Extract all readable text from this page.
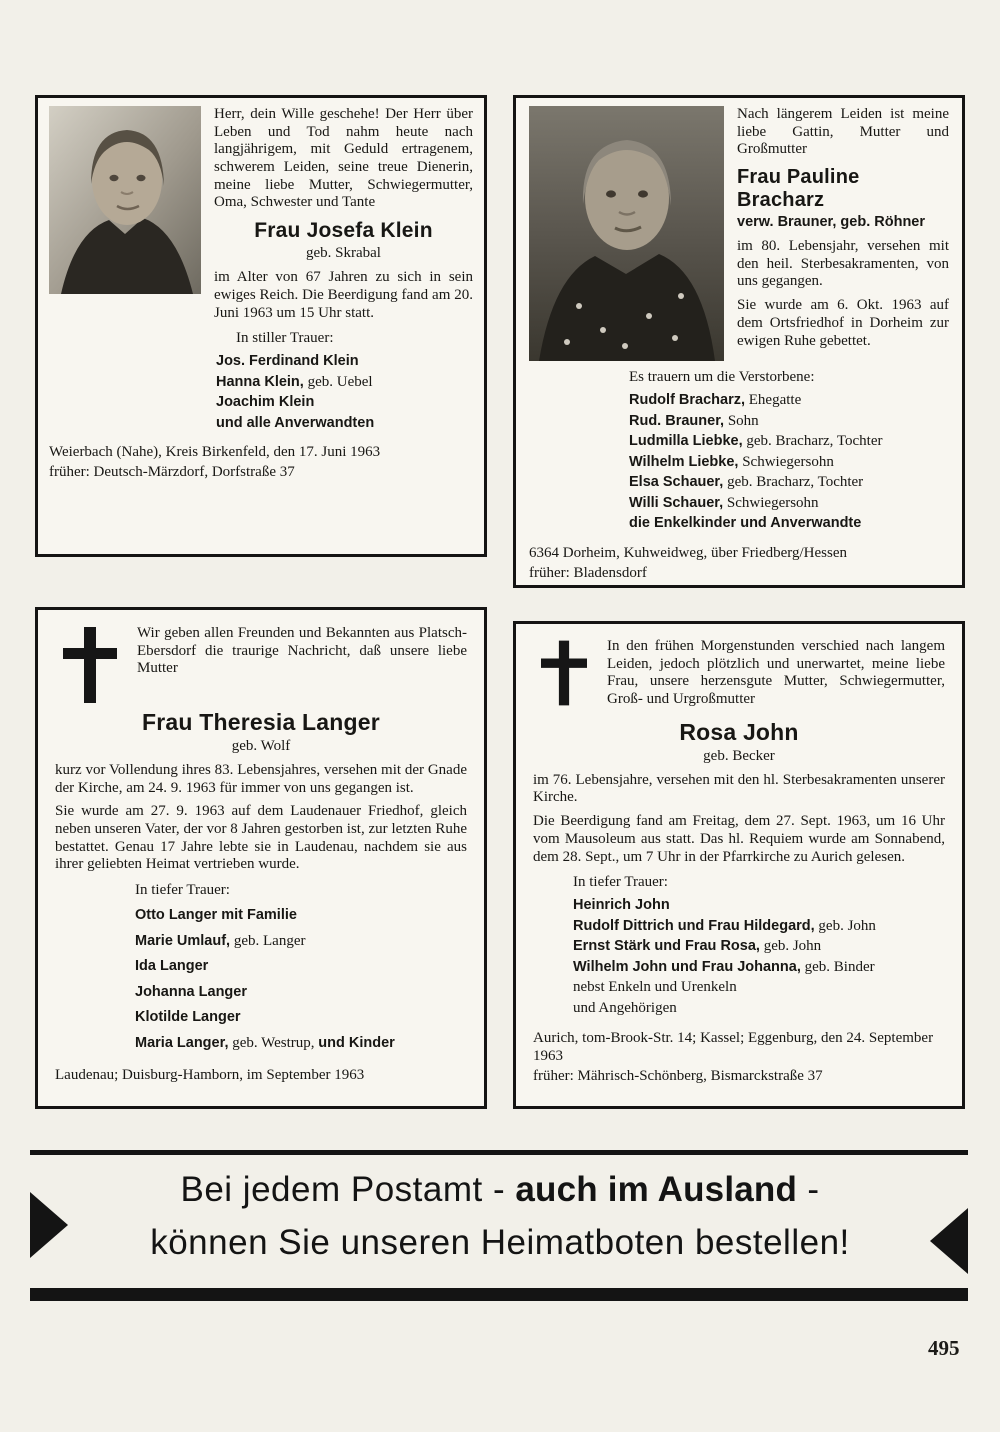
Herr, dein Wille geschehe! Der Herr über Leben und Tod nahm heute nach langjährigem, mit Geduld ertragenem, schwerem Leiden, seine treue Dienerin, meine liebe Mutter, Schwiegermutter, Oma, Schwester und Tante

Frau Josefa Klein
geb. Skrabal

im Alter von 67 Jahren zu sich in sein ewiges Reich. Die Beerdigung fand am 20. Juni 1963 um 15 Uhr statt.

In stiller Trauer:
Jos. Ferdinand Klein
Hanna Klein, geb. Uebel
Joachim Klein
und alle Anverwandten

Weierbach (Nahe), Kreis Birkenfeld, den 17. Juni 1963

früher: Deutsch-Märzdorf, Dorfstraße 37

Nach längerem Leiden ist meine liebe Gattin, Mutter und Großmutter

Frau Pauline Bracharz
verw. Brauner, geb. Röhner

im 80. Lebensjahr, versehen mit den heil. Sterbesakramenten, von uns gegangen.

Sie wurde am 6. Okt. 1963 auf dem Ortsfriedhof in Dorheim zur ewigen Ruhe gebettet.

Es trauern um die Verstorbene:
Rudolf Bracharz, Ehegatte
Rud. Brauner, Sohn
Ludmilla Liebke, geb. Bracharz, Tochter
Wilhelm Liebke, Schwiegersohn
Elsa Schauer, geb. Bracharz, Tochter
Willi Schauer, Schwiegersohn
die Enkelkinder und Anverwandte

6364 Dorheim, Kuhweidweg, über Friedberg/Hessen

früher: Bladensdorf

Wir geben allen Freunden und Bekannten aus Platsch-Ebersdorf die traurige Nachricht, daß unsere liebe Mutter

Frau Theresia Langer
geb. Wolf

kurz vor Vollendung ihres 83. Lebensjahres, versehen mit der Gnade der Kirche, am 24. 9. 1963 für immer von uns gegangen ist.

Sie wurde am 27. 9. 1963 auf dem Laudenauer Friedhof, gleich neben unseren Vater, der vor 8 Jahren gestorben ist, zur letzten Ruhe bestattet. Genau 17 Jahre lebte sie in Laudenau, nachdem sie aus ihrer geliebten Heimat vertrieben wurde.

In tiefer Trauer:
Otto Langer mit Familie
Marie Umlauf, geb. Langer
Ida Langer
Johanna Langer
Klotilde Langer
Maria Langer, geb. Westrup, und Kinder

Laudenau; Duisburg-Hamborn, im September 1963

In den frühen Morgenstunden verschied nach langem Leiden, jedoch plötzlich und unerwartet, meine liebe Frau, unsere herzensgute Mutter, Schwiegermutter, Groß- und Urgroßmutter

Rosa John
geb. Becker

im 76. Lebensjahre, versehen mit den hl. Sterbesakramenten unserer Kirche.

Die Beerdigung fand am Freitag, dem 27. Sept. 1963, um 16 Uhr vom Mausoleum aus statt. Das hl. Requiem wurde am Sonnabend, dem 28. Sept., um 7 Uhr in der Pfarrkirche zu Aurich gelesen.

In tiefer Trauer:
Heinrich John
Rudolf Dittrich und Frau Hildegard, geb. John
Ernst Stärk und Frau Rosa, geb. John
Wilhelm John und Frau Johanna, geb. Binder
nebst Enkeln und Urenkeln
und Angehörigen

Aurich, tom-Brook-Str. 14; Kassel; Eggenburg, den 24. September 1963

früher: Mährisch-Schönberg, Bismarckstraße 37

Bei jedem Postamt - auch im Ausland -
können Sie unseren Heimatboten bestellen!
495
